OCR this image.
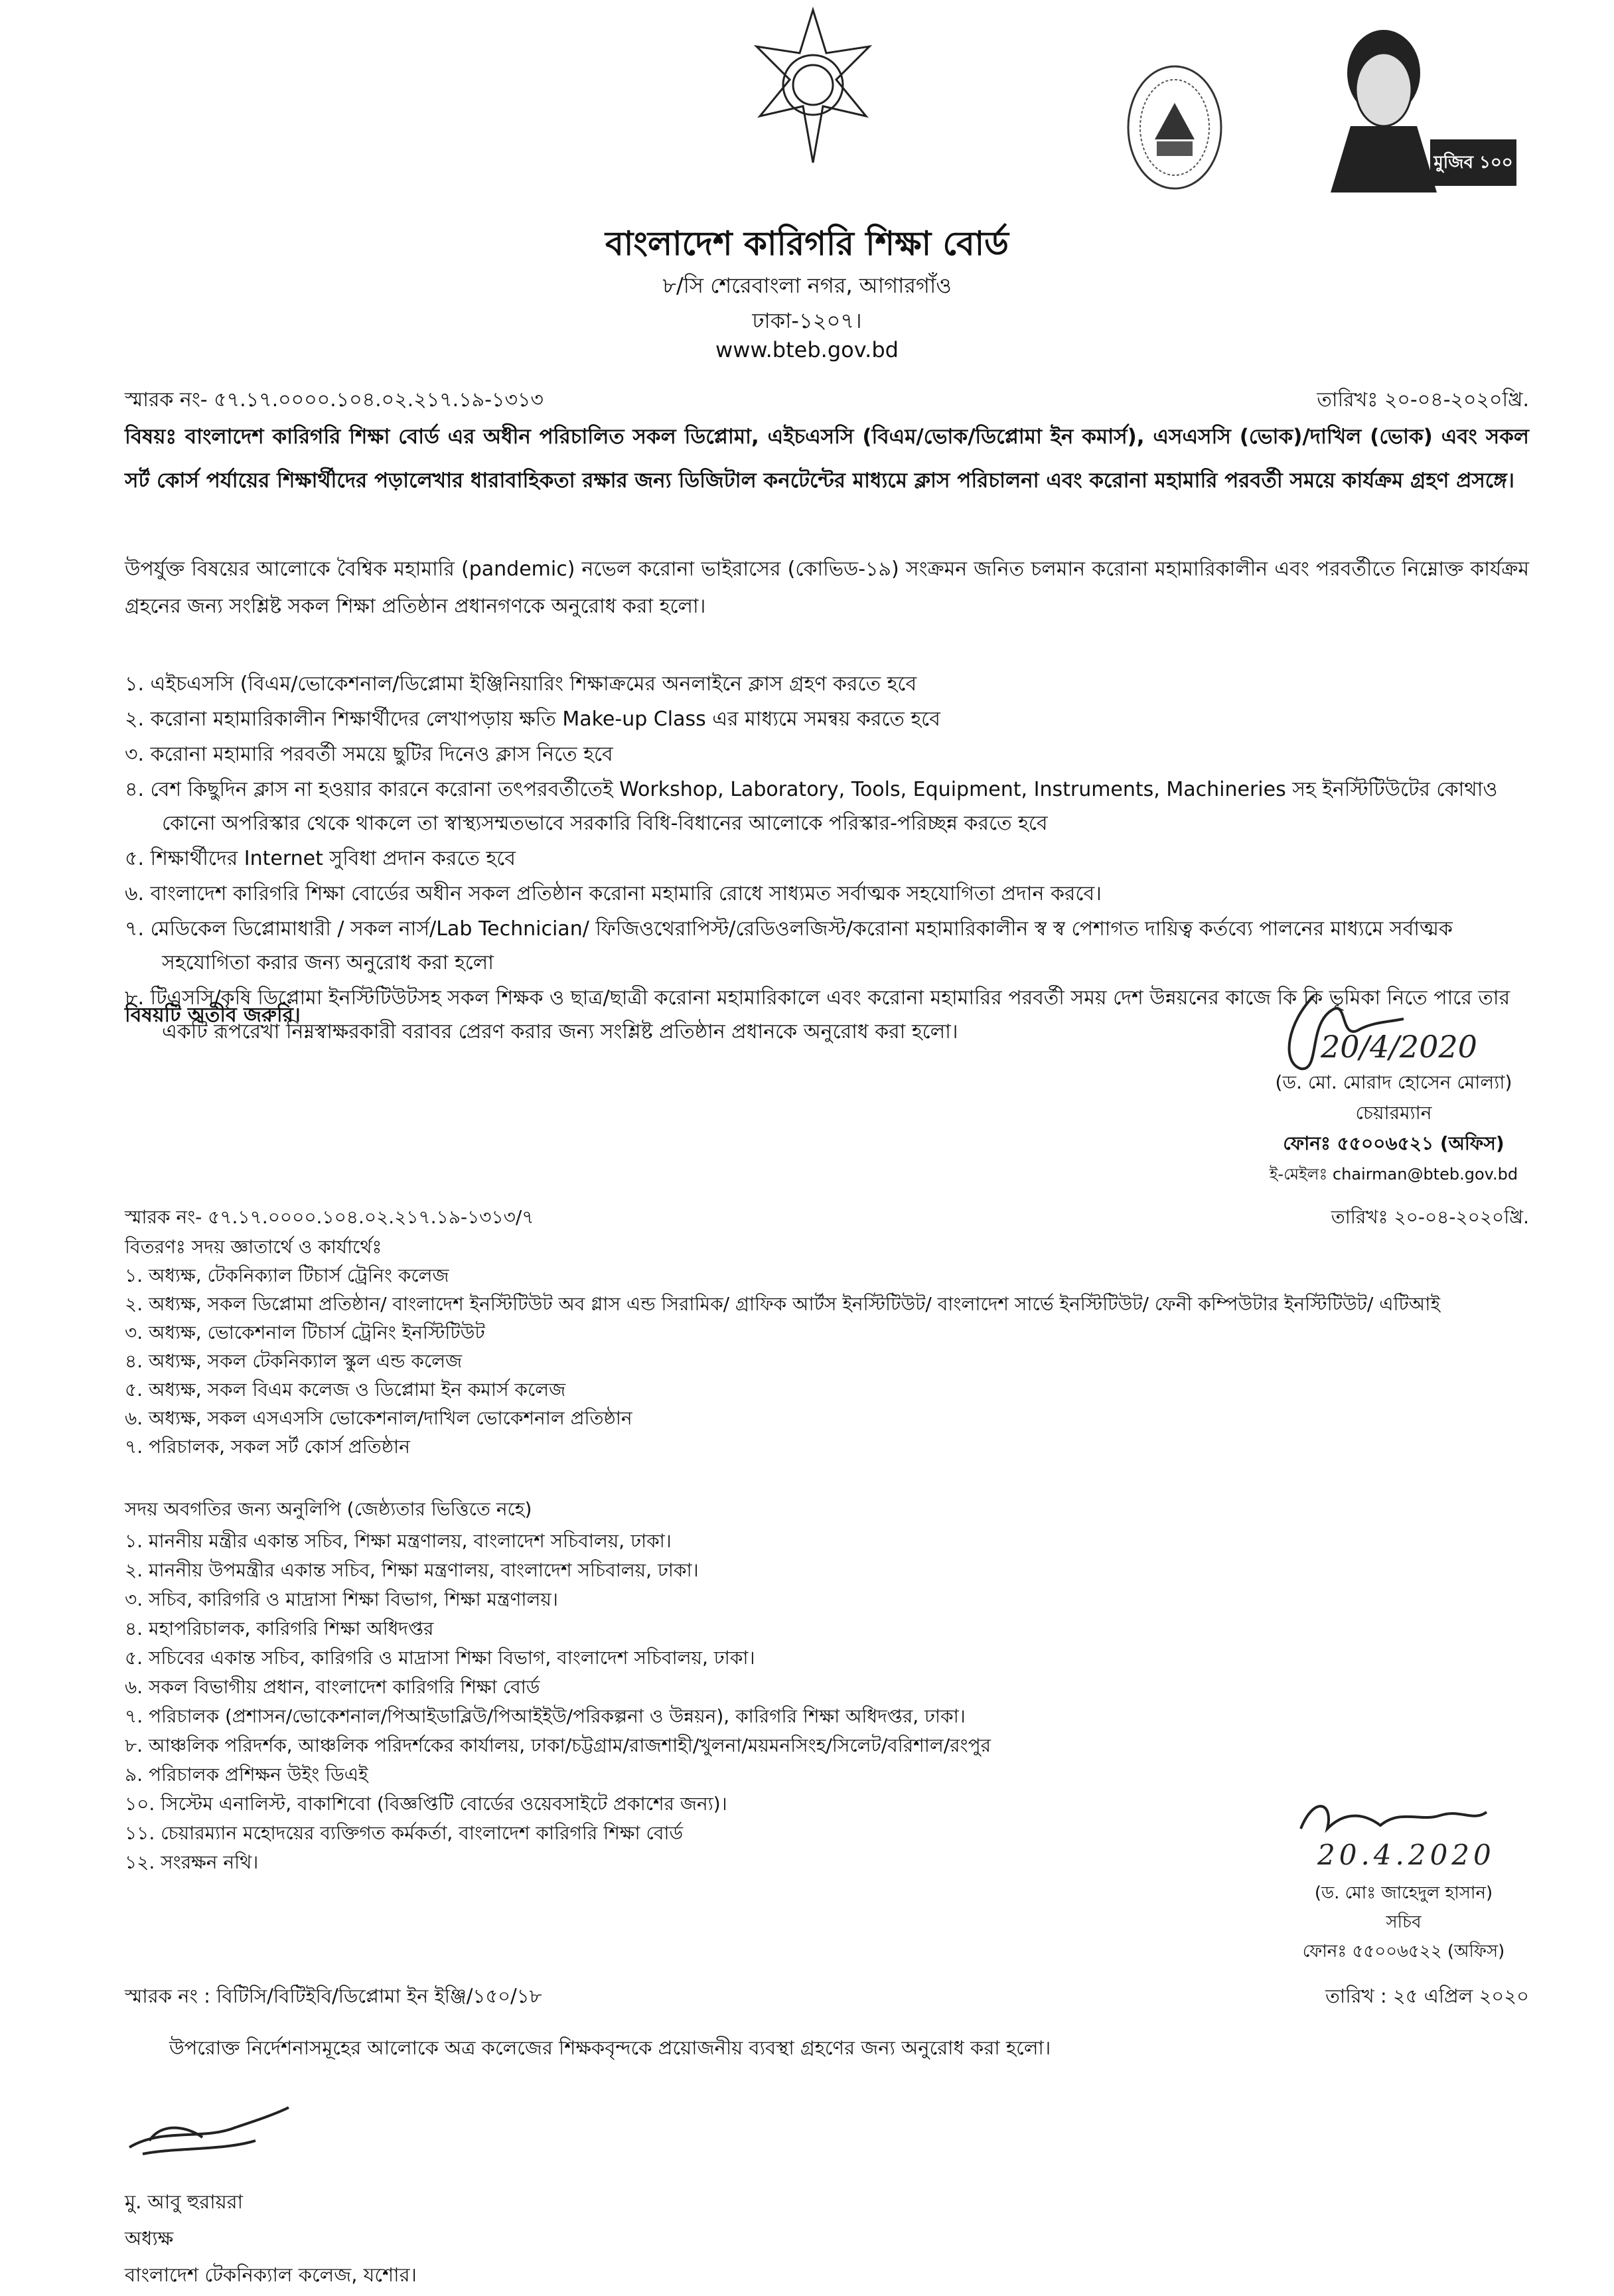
মুজিব ১০০
বাংলাদেশ কারিগরি শিক্ষা বোর্ড
৮/সি শেরেবাংলা নগর, আগারগাঁও
ঢাকা-১২০৭।
www.bteb.gov.bd
স্মারক নং- ৫৭.১৭.০০০০.১০৪.০২.২১৭.১৯-১৩১৩	তারিখঃ ২০-০৪-২০২০খ্রি.
বিষয়ঃ বাংলাদেশ কারিগরি শিক্ষা বোর্ড এর অধীন পরিচালিত সকল ডিপ্লোমা, এইচএসসি (বিএম/ভোক/ডিপ্লোমা ইন কমার্স), এসএসসি (ভোক)/দাখিল (ভোক) এবং সকল সর্ট কোর্স পর্যায়ের শিক্ষার্থীদের পড়ালেখার ধারাবাহিকতা রক্ষার জন্য ডিজিটাল কনটেন্টের মাধ্যমে ক্লাস পরিচালনা এবং করোনা মহামারি পরবর্তী সময়ে কার্যক্রম গ্রহণ প্রসঙ্গে।
উপর্যুক্ত বিষয়ের আলোকে বৈশ্বিক মহামারি (pandemic) নভেল করোনা ভাইরাসের (কোভিড-১৯) সংক্রমন জনিত চলমান করোনা মহামারিকালীন এবং পরবর্তীতে নিম্নোক্ত কার্যক্রম গ্রহনের জন্য সংশ্লিষ্ট সকল শিক্ষা প্রতিষ্ঠান প্রধানগণকে অনুরোধ করা হলো।
১. এইচএসসি (বিএম/ভোকেশনাল/ডিপ্লোমা ইঞ্জিনিয়ারিং শিক্ষাক্রমের অনলাইনে ক্লাস গ্রহণ করতে হবে
২. করোনা মহামারিকালীন শিক্ষার্থীদের লেখাপড়ায় ক্ষতি Make-up Class এর মাধ্যমে সমন্বয় করতে হবে
৩. করোনা মহামারি পরবর্তী সময়ে ছুটির দিনেও ক্লাস নিতে হবে
৪. বেশ কিছুদিন ক্লাস না হওয়ার কারনে করোনা তৎপরবর্তীতেই Workshop, Laboratory, Tools, Equipment, Instruments, Machineries সহ ইনস্টিটিউটের কোথাও কোনো অপরিস্কার থেকে থাকলে তা স্বাস্থ্যসম্মতভাবে সরকারি বিধি-বিধানের আলোকে পরিস্কার-পরিচ্ছন্ন করতে হবে
৫. শিক্ষার্থীদের Internet সুবিধা প্রদান করতে হবে
৬. বাংলাদেশ কারিগরি শিক্ষা বোর্ডের অধীন সকল প্রতিষ্ঠান করোনা মহামারি রোধে সাধ্যমত সর্বাত্মক সহযোগিতা প্রদান করবে।
৭. মেডিকেল ডিপ্লোমাধারী / সকল নার্স/Lab Technician/ ফিজিওথেরাপিস্ট/রেডিওলজিস্ট/করোনা মহামারিকালীন স্ব স্ব পেশাগত দায়িত্ব কর্তব্যে পালনের মাধ্যমে সর্বাত্মক সহযোগিতা করার জন্য অনুরোধ করা হলো
৮. টিএসসি/কৃষি ডিপ্লোমা ইনস্টিটিউটসহ সকল শিক্ষক ও ছাত্র/ছাত্রী করোনা মহামারিকালে এবং করোনা মহামারির পরবর্তী সময় দেশ উন্নয়নের কাজে কি কি ভূমিকা নিতে পারে তার একটি রূপরেখা নিম্নস্বাক্ষরকারী বরাবর প্রেরণ করার জন্য সংশ্লিষ্ট প্রতিষ্ঠান প্রধানকে অনুরোধ করা হলো।
বিষয়টি অতীব জরুরি।
20/4/2020
(ড. মো. মোরাদ হোসেন মোল্যা)
চেয়ারম্যান
ফোনঃ ৫৫০০৬৫২১ (অফিস)
ই-মেইলঃ chairman@bteb.gov.bd
স্মারক নং- ৫৭.১৭.০০০০.১০৪.০২.২১৭.১৯-১৩১৩/৭	তারিখঃ ২০-০৪-২০২০খ্রি.
বিতরণঃ সদয় জ্ঞাতার্থে ও কার্যার্থেঃ
১. অধ্যক্ষ, টেকনিক্যাল টিচার্স ট্রেনিং কলেজ
২. অধ্যক্ষ, সকল ডিপ্লোমা প্রতিষ্ঠান/ বাংলাদেশ ইনস্টিটিউট অব গ্লাস এন্ড সিরামিক/ গ্রাফিক আর্টস ইনস্টিটিউট/ বাংলাদেশ সার্ভে ইনস্টিটিউট/ ফেনী কম্পিউটার ইনস্টিটিউট/ এটিআই
৩. অধ্যক্ষ, ভোকেশনাল টিচার্স ট্রেনিং ইনস্টিটিউট
৪. অধ্যক্ষ, সকল টেকনিক্যাল স্কুল এন্ড কলেজ
৫. অধ্যক্ষ, সকল বিএম কলেজ ও ডিপ্লোমা ইন কমার্স কলেজ
৬. অধ্যক্ষ, সকল এসএসসি ভোকেশনাল/দাখিল ভোকেশনাল প্রতিষ্ঠান
৭. পরিচালক, সকল সর্ট কোর্স প্রতিষ্ঠান
সদয় অবগতির জন্য অনুলিপি (জেষ্ঠ্যতার ভিত্তিতে নহে)
১. মাননীয় মন্ত্রীর একান্ত সচিব, শিক্ষা মন্ত্রণালয়, বাংলাদেশ সচিবালয়, ঢাকা।
২. মাননীয় উপমন্ত্রীর একান্ত সচিব, শিক্ষা মন্ত্রণালয়, বাংলাদেশ সচিবালয়, ঢাকা।
৩. সচিব, কারিগরি ও মাদ্রাসা শিক্ষা বিভাগ, শিক্ষা মন্ত্রণালয়।
৪. মহাপরিচালক, কারিগরি শিক্ষা অধিদপ্তর
৫. সচিবের একান্ত সচিব, কারিগরি ও মাদ্রাসা শিক্ষা বিভাগ, বাংলাদেশ সচিবালয়, ঢাকা।
৬. সকল বিভাগীয় প্রধান, বাংলাদেশ কারিগরি শিক্ষা বোর্ড
৭. পরিচালক (প্রশাসন/ভোকেশনাল/পিআইডাব্লিউ/পিআইইউ/পরিকল্পনা ও উন্নয়ন), কারিগরি শিক্ষা অধিদপ্তর, ঢাকা।
৮. আঞ্চলিক পরিদর্শক, আঞ্চলিক পরিদর্শকের কার্যালয়, ঢাকা/চট্টগ্রাম/রাজশাহী/খুলনা/ময়মনসিংহ/সিলেট/বরিশাল/রংপুর
৯. পরিচালক প্রশিক্ষন উইং ডিএই
১০. সিস্টেম এনালিস্ট, বাকাশিবো (বিজ্ঞপ্তিটি বোর্ডের ওয়েবসাইটে প্রকাশের জন্য)।
১১. চেয়ারম্যান মহোদয়ের ব্যক্তিগত কর্মকর্তা, বাংলাদেশ কারিগরি শিক্ষা বোর্ড
১২. সংরক্ষন নথি।	20.4.2020
(ড. মোঃ জাহেদুল হাসান)
সচিব
ফোনঃ ৫৫০০৬৫২২ (অফিস)
স্মারক নং : বিটিসি/বিটিইবি/ডিপ্লোমা ইন ইঞ্জি/১৫০/১৮	তারিখ : ২৫ এপ্রিল ২০২০
উপরোক্ত নির্দেশনাসমূহের আলোকে অত্র কলেজের শিক্ষকবৃন্দকে প্রয়োজনীয় ব্যবস্থা গ্রহণের জন্য অনুরোধ করা হলো।
মু. আবু হুরায়রা
অধ্যক্ষ
বাংলাদেশ টেকনিক্যাল কলেজ, যশোর।
